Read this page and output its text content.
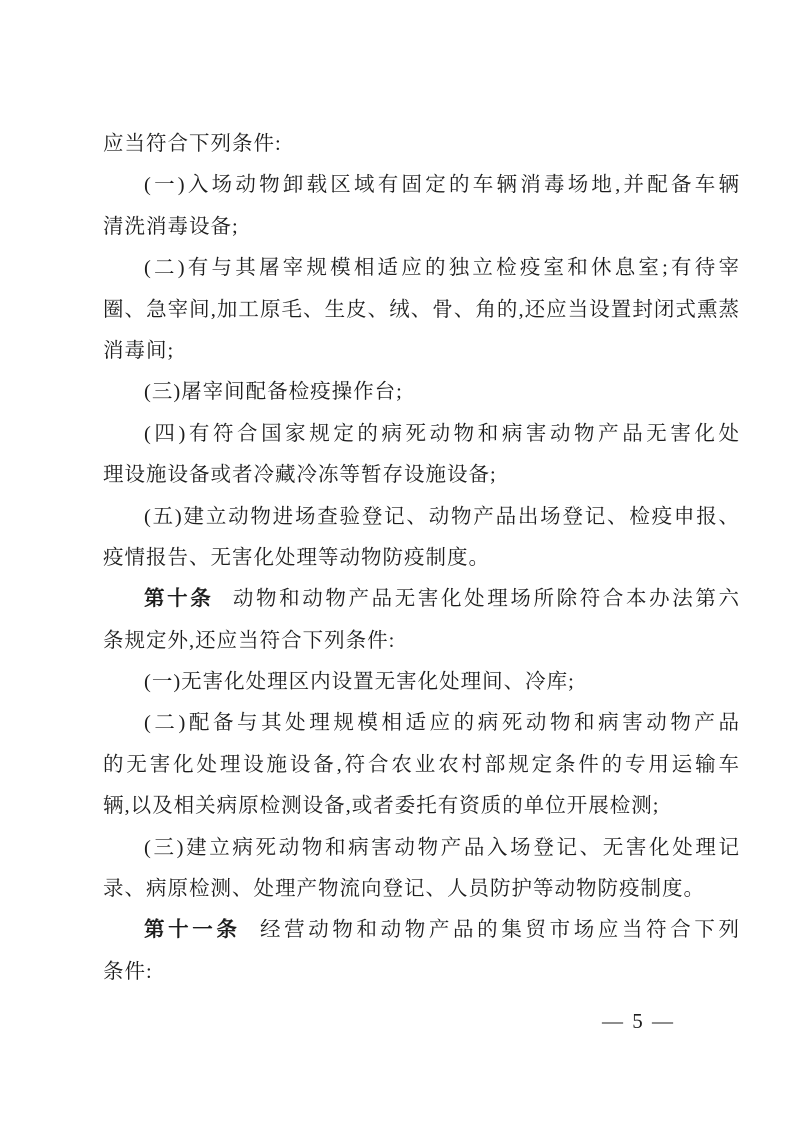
应当符合下列条件:
(一)入场动物卸载区域有固定的车辆消毒场地,并配备车辆
清洗消毒设备;
(二)有与其屠宰规模相适应的独立检疫室和休息室;有待宰
圈、急宰间,加工原毛、生皮、绒、骨、角的,还应当设置封闭式熏蒸
消毒间;
(三)屠宰间配备检疫操作台;
(四)有符合国家规定的病死动物和病害动物产品无害化处
理设施设备或者冷藏冷冻等暂存设施设备;
(五)建立动物进场查验登记、动物产品出场登记、检疫申报、
疫情报告、无害化处理等动物防疫制度。
第十条 动物和动物产品无害化处理场所除符合本办法第六
条规定外,还应当符合下列条件:
(一)无害化处理区内设置无害化处理间、冷库;
(二)配备与其处理规模相适应的病死动物和病害动物产品
的无害化处理设施设备,符合农业农村部规定条件的专用运输车
辆,以及相关病原检测设备,或者委托有资质的单位开展检测;
(三)建立病死动物和病害动物产品入场登记、无害化处理记
录、病原检测、处理产物流向登记、人员防护等动物防疫制度。
第十一条 经营动物和动物产品的集贸市场应当符合下列
条件:
— 5 —
